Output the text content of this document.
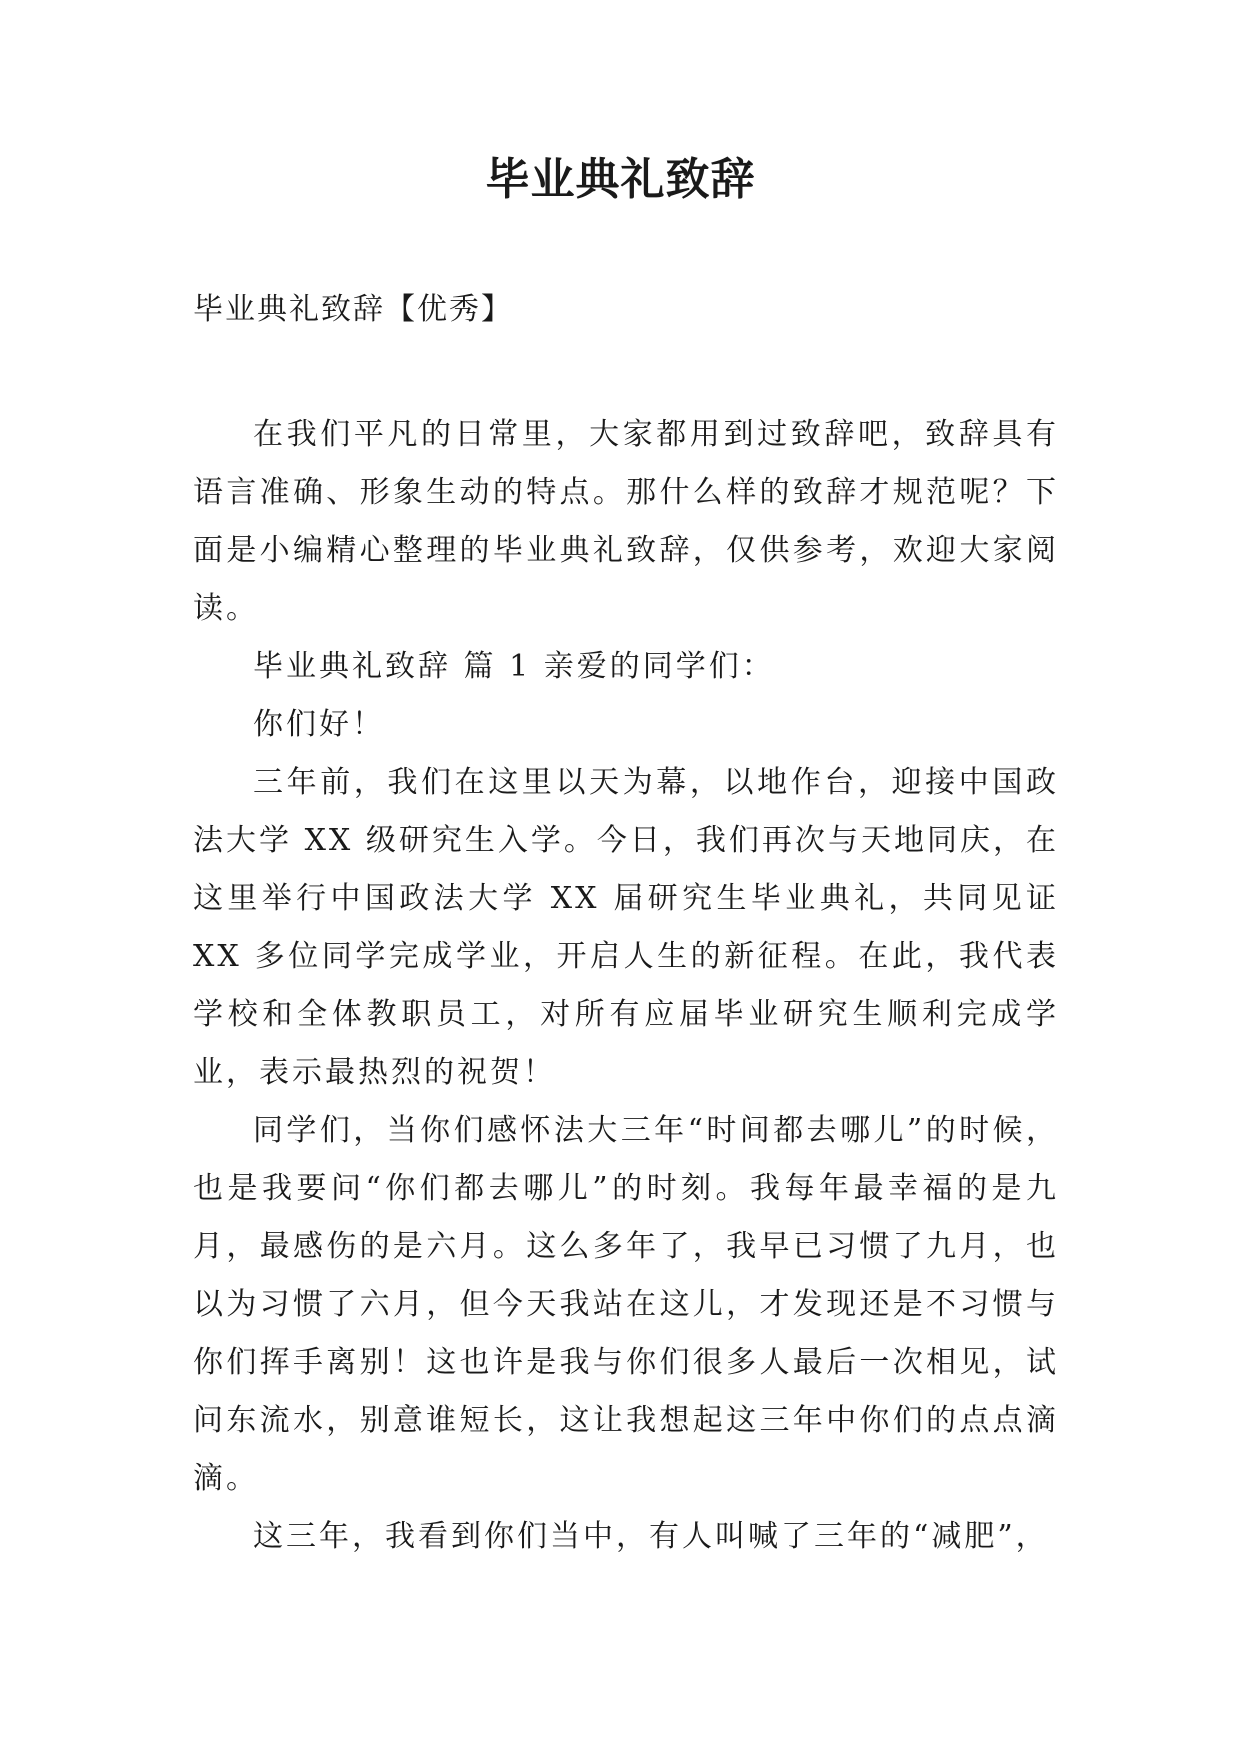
毕业典礼致辞

毕业典礼致辞【优秀】

在我们平凡的日常里，大家都用到过致辞吧，致辞具有语言准确、形象生动的特点。那什么样的致辞才规范呢？下面是小编精心整理的毕业典礼致辞，仅供参考，欢迎大家阅读。

毕业典礼致辞 篇 1 亲爱的同学们：

你们好！

三年前，我们在这里以天为幕，以地作台，迎接中国政法大学 XX 级研究生入学。今日，我们再次与天地同庆，在这里举行中国政法大学 XX 届研究生毕业典礼，共同见证 XX 多位同学完成学业，开启人生的新征程。在此，我代表学校和全体教职员工，对所有应届毕业研究生顺利完成学业，表示最热烈的祝贺！

同学们，当你们感怀法大三年“时间都去哪儿”的时候，也是我要问“你们都去哪儿”的时刻。我每年最幸福的是九月，最感伤的是六月。这么多年了，我早已习惯了九月，也以为习惯了六月，但今天我站在这儿，才发现还是不习惯与你们挥手离别！这也许是我与你们很多人最后一次相见，试问东流水，别意谁短长，这让我想起这三年中你们的点点滴滴。

这三年，我看到你们当中，有人叫喊了三年的“减肥”，
